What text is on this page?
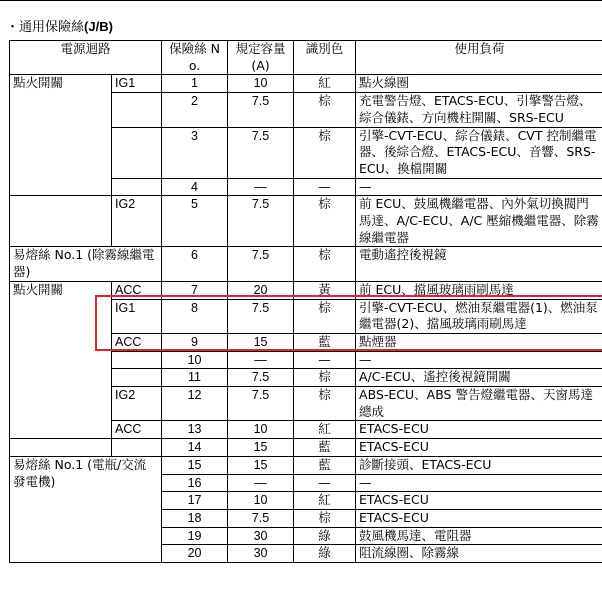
・通用保險絲(J/B)
電源迴路		保險絲 No.	規定容量(A)	識別色	使用負荷
點火開關	IG1	1	10	紅	點火線圈
		2	7.5	棕	充電警告燈、ETACS-ECU、引擎警告燈、綜合儀錶、方向機柱開關、SRS-ECU
		3	7.5	棕	引擎-CVT-ECU、綜合儀錶、CVT 控制繼電器、後綜合燈、ETACS-ECU、音響、SRS-ECU、換檔開關
		4	—	—	—
	IG2	5	7.5	棕	前 ECU、鼓風機繼電器、內外氣切換閥門馬達、A/C-ECU、A/C 壓縮機繼電器、除霧線繼電器
易熔絲 No.1 (除霧線繼電器)		6	7.5	棕	電動遙控後視鏡
點火開關	ACC	7	20	黃	前 ECU、擋風玻璃雨刷馬達
	IG1	8	7.5	棕	引擎-CVT-ECU、燃油泵繼電器(1)、燃油泵繼電器(2)、擋風玻璃雨刷馬達
	ACC	9	15	藍	點煙器
		10	—	—	—
		11	7.5	棕	A/C-ECU、遙控後視鏡開關
	IG2	12	7.5	棕	ABS-ECU、ABS 警告燈繼電器、天窗馬達總成
	ACC	13	10	紅	ETACS-ECU
		14	15	藍	ETACS-ECU
易熔絲 No.1 (電瓶/交流發電機)		15	15	藍	診斷接頭、ETACS-ECU
		16	—	—	—
		17	10	紅	ETACS-ECU
		18	7.5	棕	ETACS-ECU
		19	30	綠	鼓風機馬達、電阻器
		20	30	綠	阻流線圈、除霧線
